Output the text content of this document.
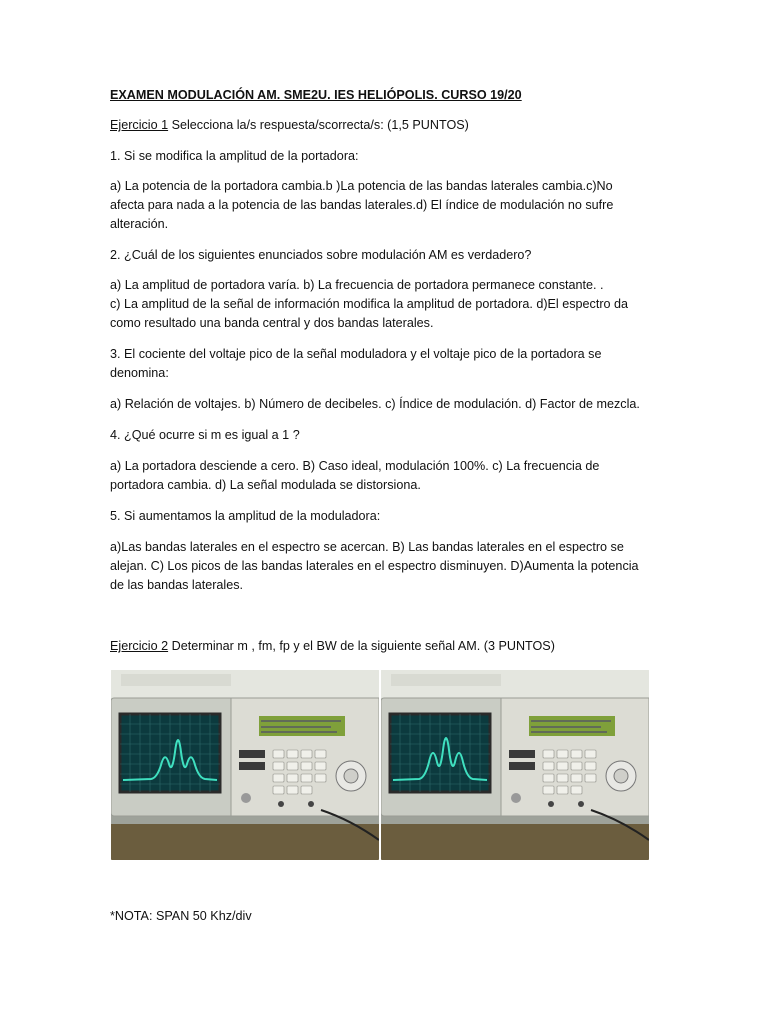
EXAMEN MODULACIÓN AM. SME2U. IES HELIÓPOLIS. CURSO 19/20
Ejercicio 1 Selecciona la/s respuesta/scorrecta/s: (1,5 PUNTOS)
1. Si se modifica la amplitud de la portadora:
a) La potencia de la portadora cambia.b )La potencia de las bandas laterales cambia.c)No
afecta para nada a la potencia de las bandas laterales.d) El índice de modulación no sufre
alteración.
2. ¿Cuál de los siguientes enunciados sobre modulación AM es verdadero?
a) La amplitud de portadora varía. b) La frecuencia de portadora permanece constante. .
c) La amplitud de la señal de información modifica la amplitud de portadora. d)El espectro da
como resultado una banda central y dos bandas laterales.
3. El cociente del voltaje pico de la señal moduladora y el voltaje pico de la portadora se
denomina:
a) Relación de voltajes. b) Número de decibeles. c) Índice de modulación. d) Factor de mezcla.
4. ¿Qué ocurre si m es igual a 1 ?
a) La portadora desciende a cero. B) Caso ideal, modulación 100%. c) La frecuencia de
portadora cambia. d) La señal modulada se distorsiona.
5. Si aumentamos la amplitud de la moduladora:
a)Las bandas laterales en el espectro se acercan. B) Las bandas laterales en el espectro se
alejan. C) Los picos de las bandas laterales en el espectro disminuyen. D)Aumenta la potencia
de las bandas laterales.
Ejercicio 2 Determinar m , fm, fp y el BW de la siguiente señal AM. (3 PUNTOS)
*NOTA: SPAN 50 Khz/div
